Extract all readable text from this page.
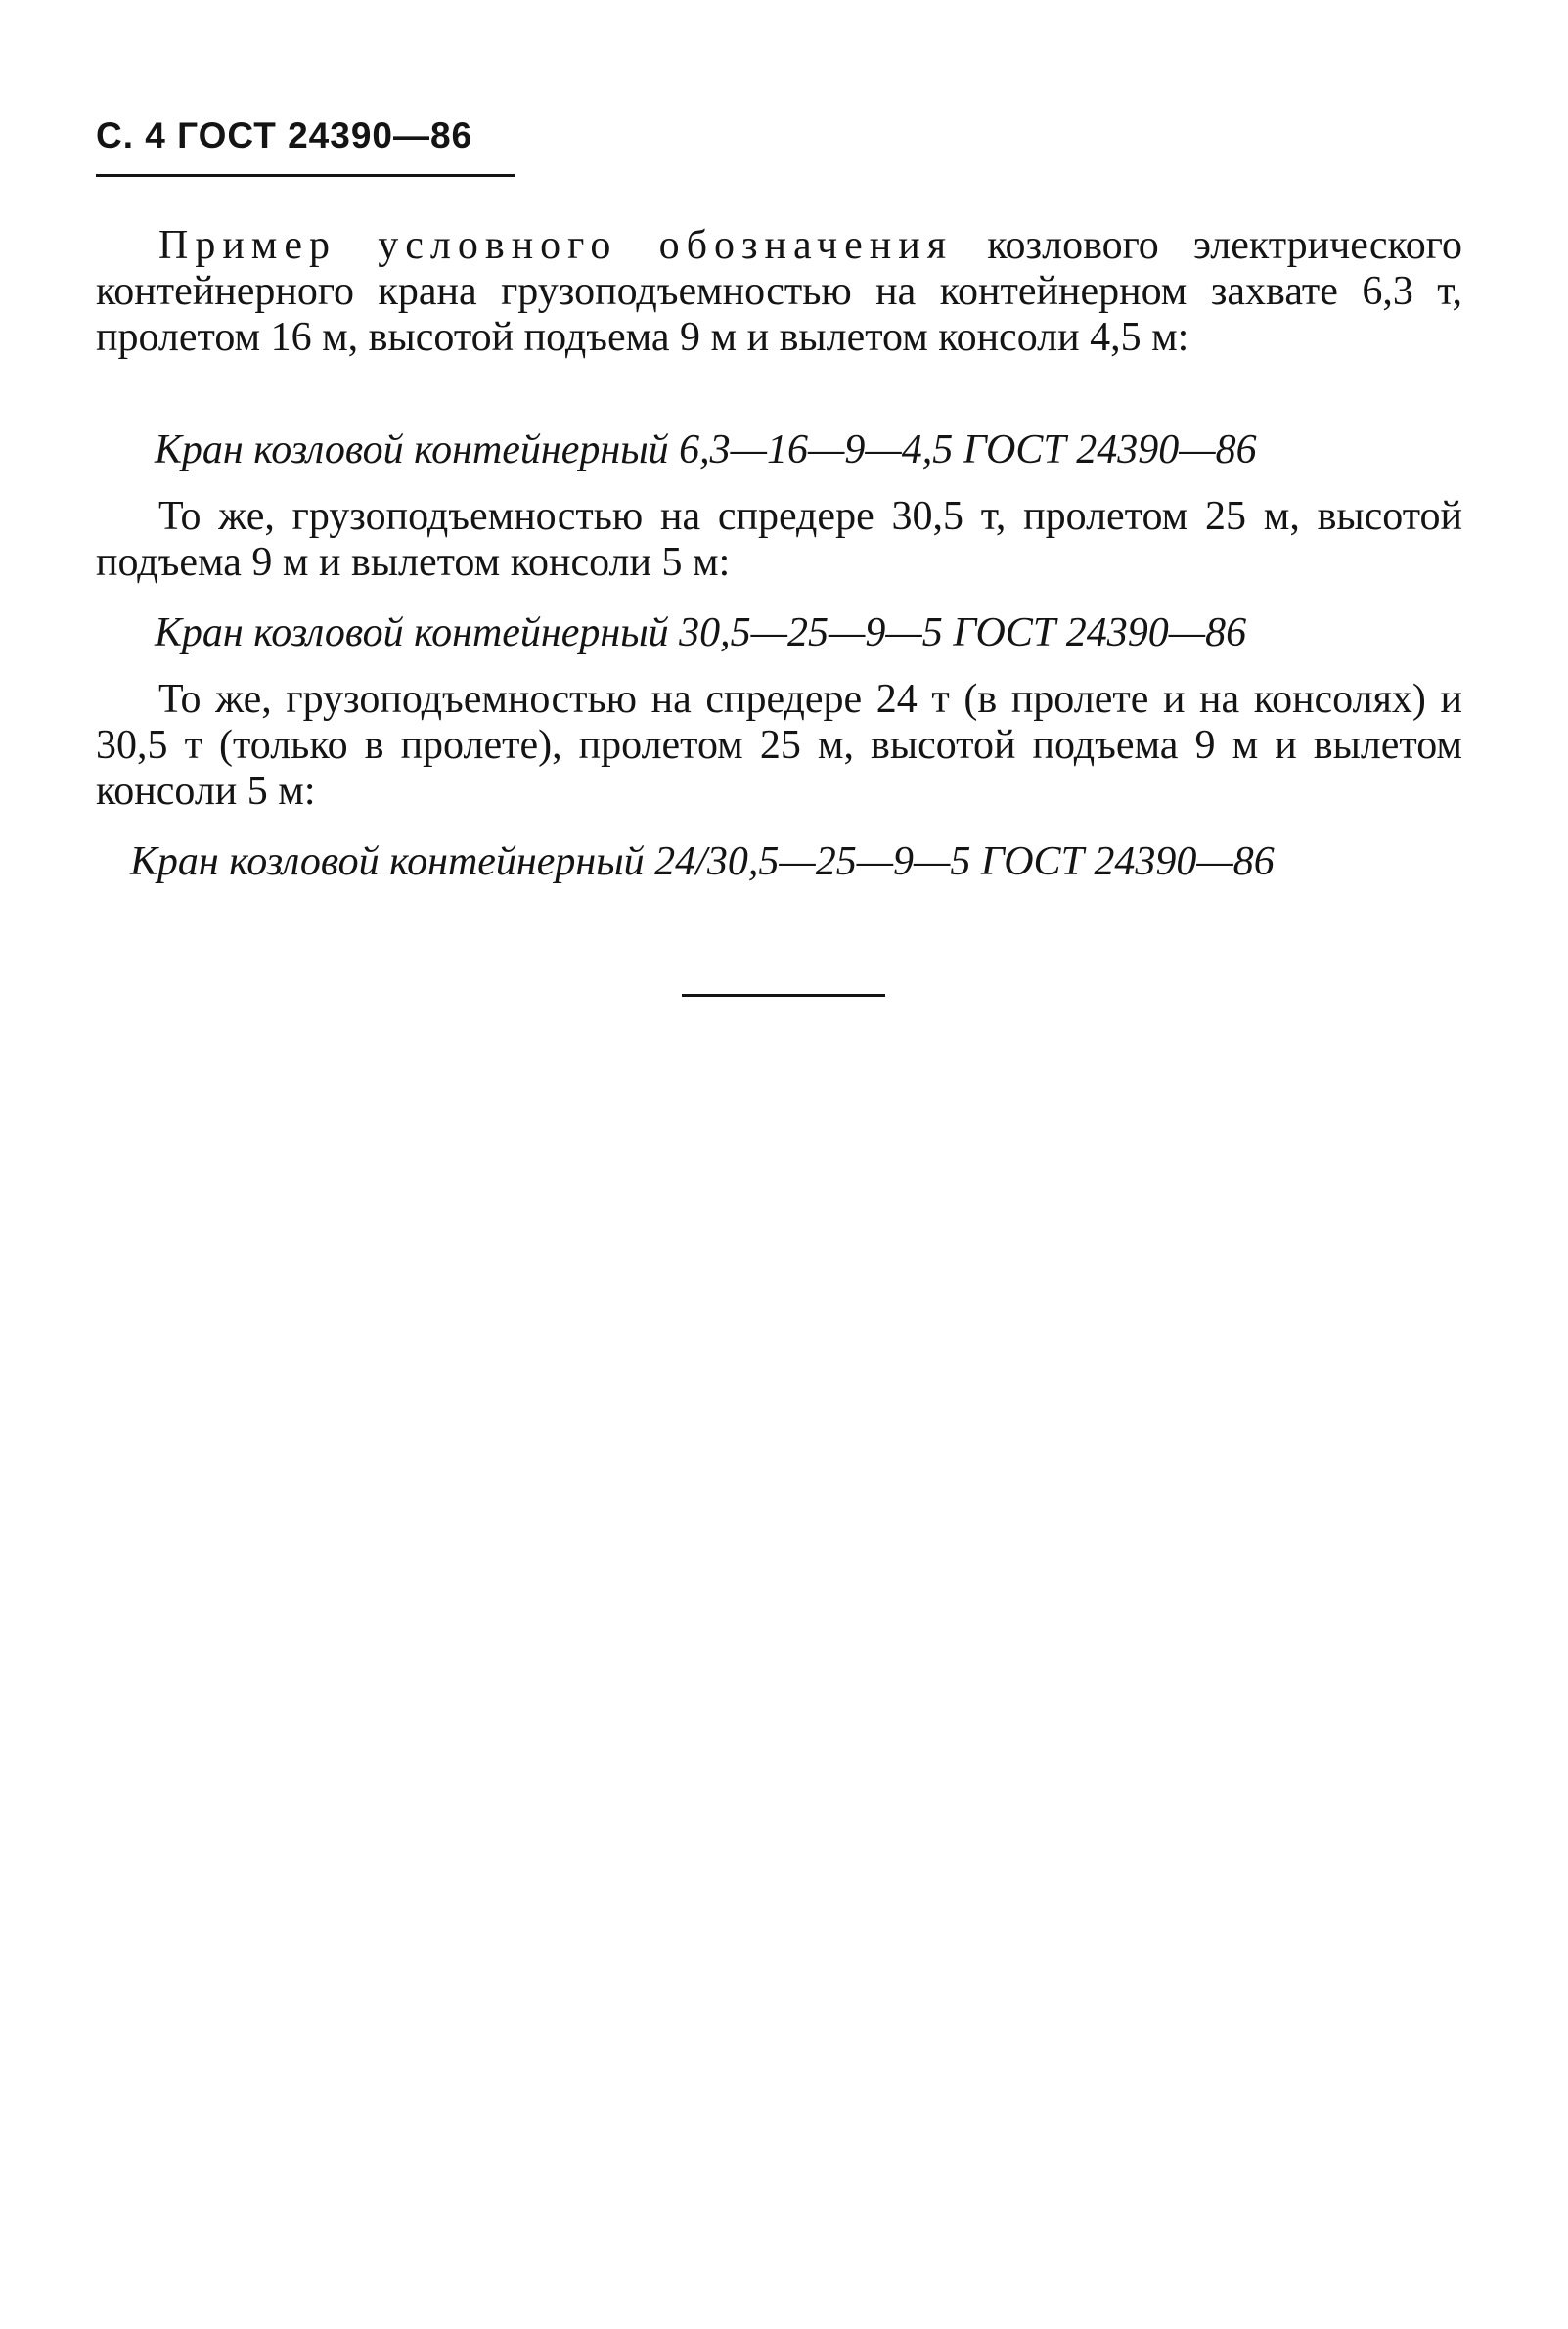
С. 4 ГОСТ 24390—86

Пример условного обозначения козлового электрического контейнерного крана грузоподъемностью на контейнерном захвате 6,3 т, пролетом 16 м, высотой подъема 9 м и вылетом консоли 4,5 м:

Кран козловой контейнерный 6,3—16—9—4,5 ГОСТ 24390—86

То же, грузоподъемностью на спредере 30,5 т, пролетом 25 м, высотой подъема 9 м и вылетом консоли 5 м:

Кран козловой контейнерный 30,5—25—9—5 ГОСТ 24390—86

То же, грузоподъемностью на спредере 24 т (в пролете и на консолях) и 30,5 т (только в пролете), пролетом 25 м, высотой подъема 9 м и вылетом консоли 5 м:

Кран козловой контейнерный 24/30,5—25—9—5 ГОСТ 24390—86
